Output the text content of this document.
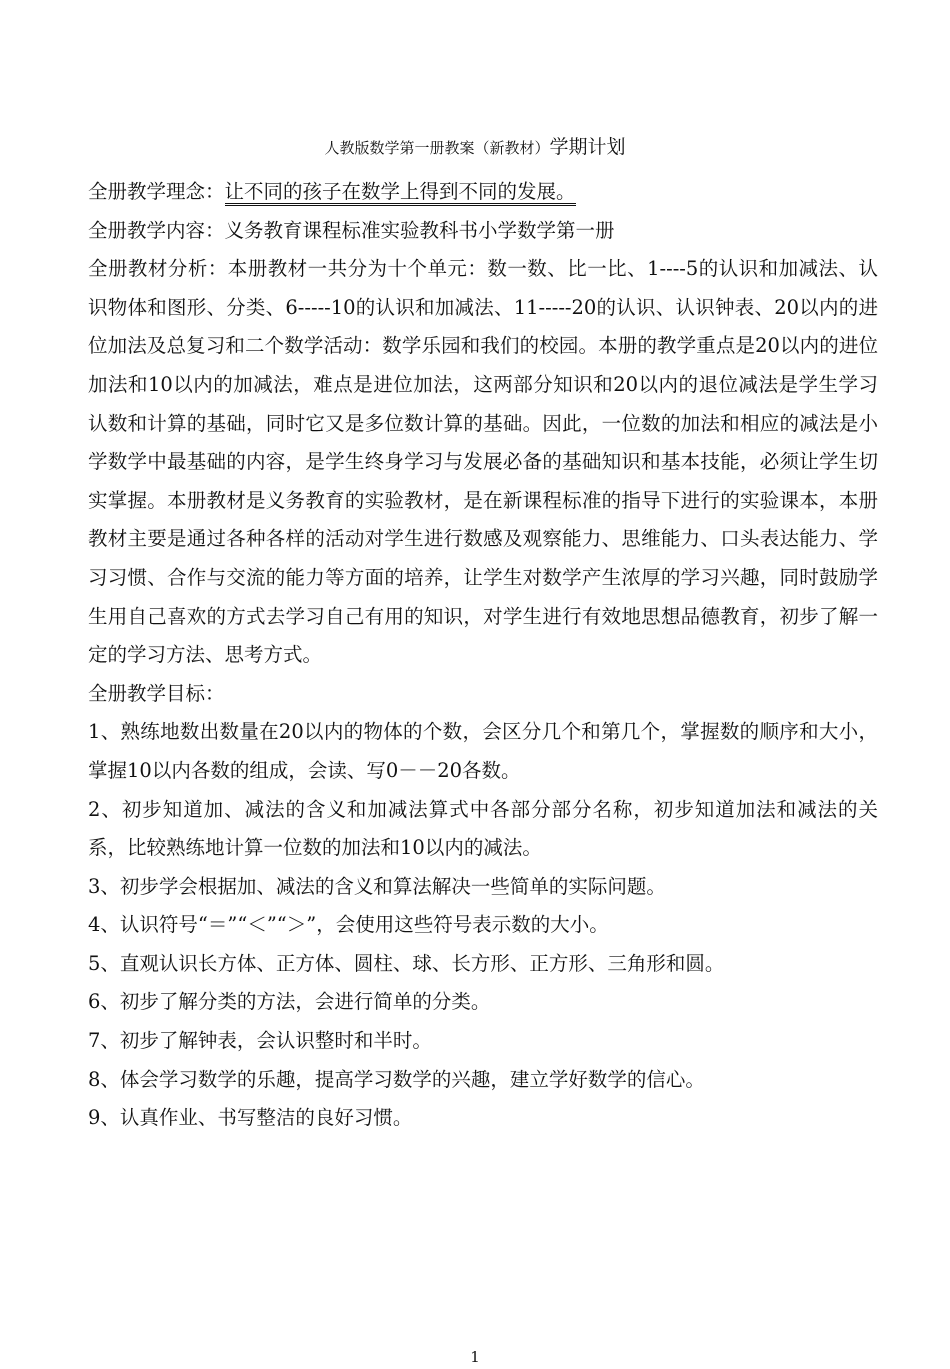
人教版数学第一册教案（新教材）学期计划

全册教学理念：让不同的孩子在数学上得到不同的发展。

全册教学内容：义务教育课程标准实验教科书小学数学第一册

全册教材分析：本册教材一共分为十个单元：数一数、比一比、1----5的认识和加减法、认识物体和图形、分类、6-----10的认识和加减法、11-----20的认识、认识钟表、20以内的进位加法及总复习和二个数学活动：数学乐园和我们的校园。本册的教学重点是20以内的进位加法和10以内的加减法，难点是进位加法，这两部分知识和20以内的退位减法是学生学习认数和计算的基础，同时它又是多位数计算的基础。因此，一位数的加法和相应的减法是小学数学中最基础的内容，是学生终身学习与发展必备的基础知识和基本技能，必须让学生切实掌握。本册教材是义务教育的实验教材，是在新课程标准的指导下进行的实验课本，本册教材主要是通过各种各样的活动对学生进行数感及观察能力、思维能力、口头表达能力、学习习惯、合作与交流的能力等方面的培养，让学生对数学产生浓厚的学习兴趣，同时鼓励学生用自己喜欢的方式去学习自己有用的知识，对学生进行有效地思想品德教育，初步了解一定的学习方法、思考方式。

全册教学目标：

1、熟练地数出数量在20以内的物体的个数，会区分几个和第几个，掌握数的顺序和大小，掌握10以内各数的组成，会读、写0－－20各数。

2、初步知道加、减法的含义和加减法算式中各部分部分名称，初步知道加法和减法的关系，比较熟练地计算一位数的加法和10以内的减法。

3、初步学会根据加、减法的含义和算法解决一些简单的实际问题。

4、认识符号“＝”“＜”“＞”，会使用这些符号表示数的大小。

5、直观认识长方体、正方体、圆柱、球、长方形、正方形、三角形和圆。

6、初步了解分类的方法，会进行简单的分类。

7、初步了解钟表，会认识整时和半时。

8、体会学习数学的乐趣，提高学习数学的兴趣，建立学好数学的信心。

9、认真作业、书写整洁的良好习惯。

1
